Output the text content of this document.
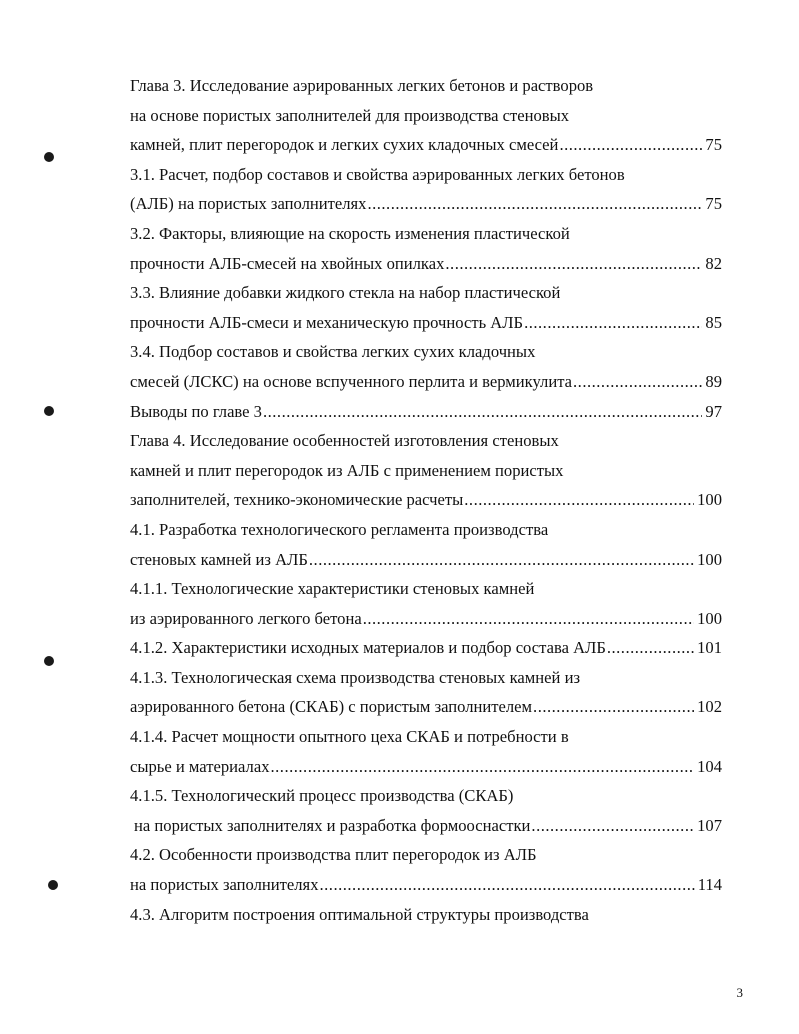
Глава 3. Исследование аэрированных легких бетонов и растворов
на основе пористых заполнителей для производства стеновых
камней, плит перегородок и легких сухих кладочных смесей .....	75
3.1. Расчет, подбор составов и свойства аэрированных легких бетонов
(АЛБ) на пористых заполнителях .....	75
3.2. Факторы, влияющие на скорость изменения пластической
прочности АЛБ-смесей на хвойных опилках .....	82
3.3. Влияние добавки жидкого стекла на набор пластической
прочности АЛБ-смеси и механическую прочность АЛБ .....	85
3.4. Подбор составов и свойства легких сухих кладочных
смесей (ЛСКС) на основе вспученного перлита и вермикулита .....	89
Выводы по главе 3 .....	97
Глава 4. Исследование особенностей изготовления стеновых
камней и плит перегородок из АЛБ с применением пористых
заполнителей, технико-экономические расчеты .....	100
4.1. Разработка технологического регламента производства
стеновых камней из АЛБ .....	100
4.1.1. Технологические характеристики стеновых камней
из аэрированного легкого бетона .....	100
4.1.2. Характеристики исходных материалов и подбор состава АЛБ .....	101
4.1.3. Технологическая схема производства стеновых камней из
аэрированного бетона (СКАБ) с пористым заполнителем .....	102
4.1.4. Расчет мощности опытного цеха СКАБ и потребности в
сырье и материалах .....	104
4.1.5. Технологический процесс производства (СКАБ)
на пористых заполнителях и разработка формооснастки .....	107
4.2. Особенности производства плит перегородок из АЛБ
на пористых заполнителях .....	114
4.3. Алгоритм построения оптимальной структуры производства
3
